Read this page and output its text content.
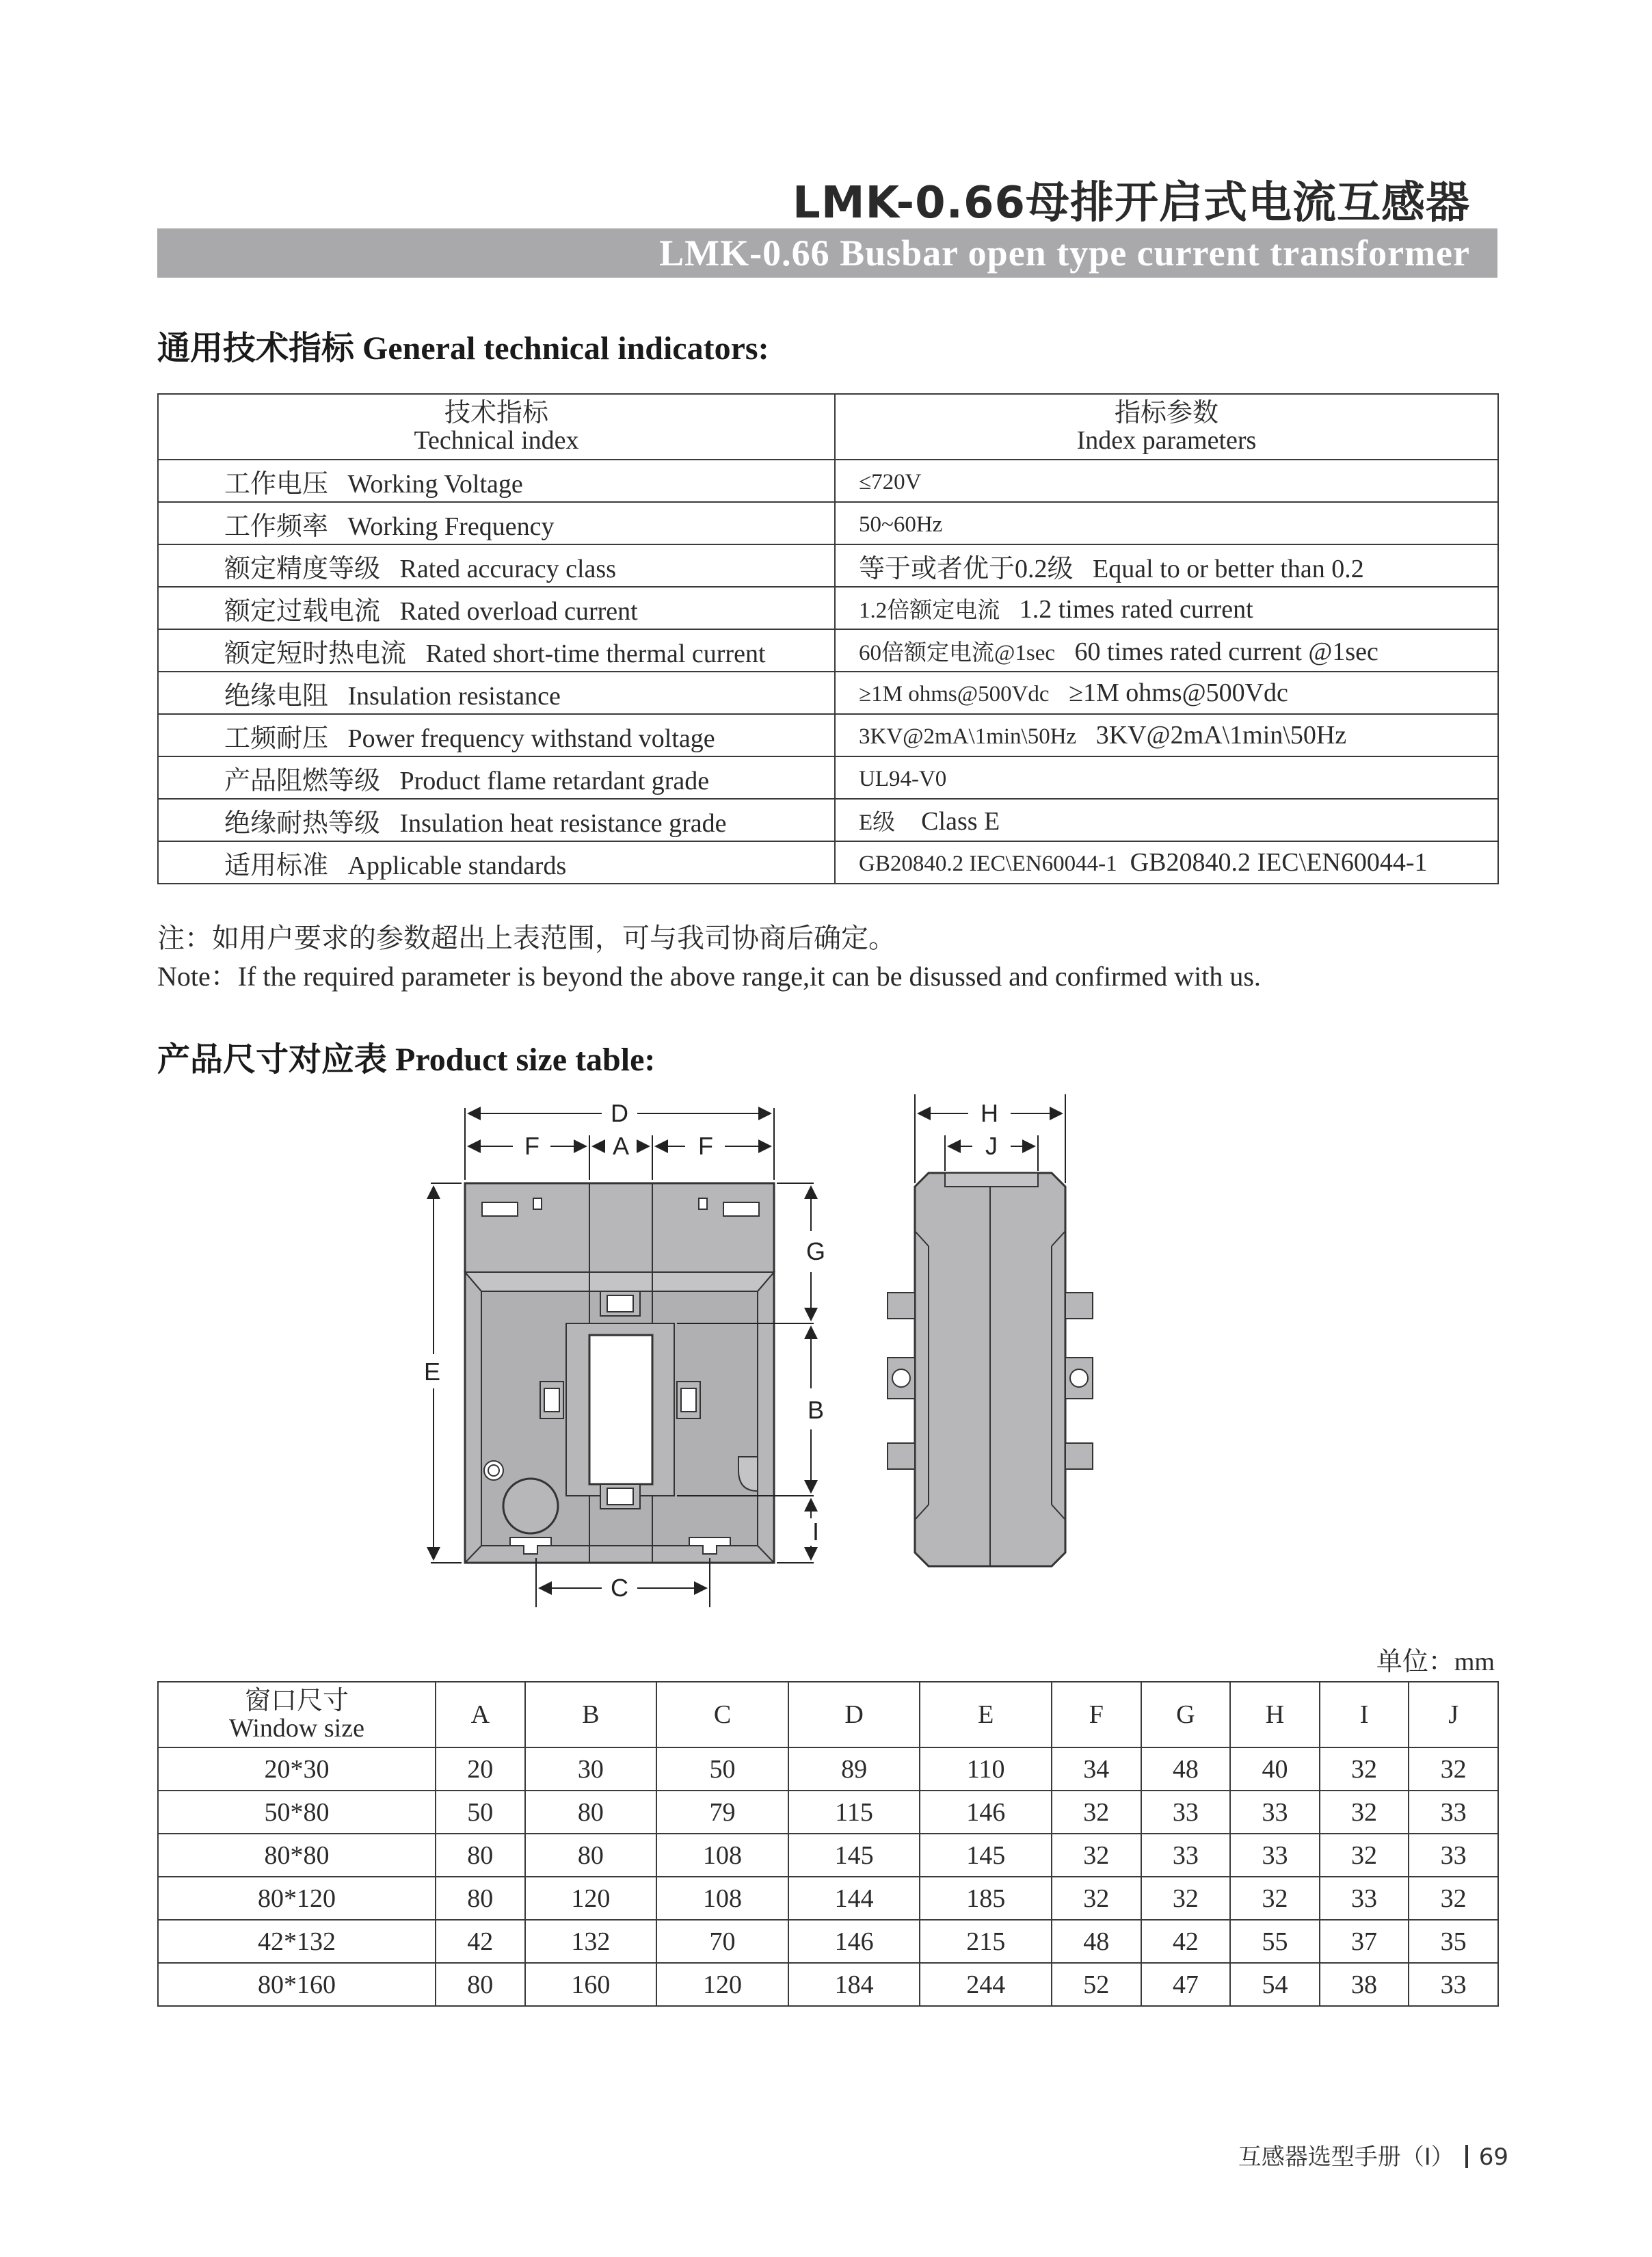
LMK-0.66母排开启式电流互感器
LMK-0.66 Busbar open type current transformer
通用技术指标 General technical indicators:
技术指标
Technical index	指标参数
Index parameters
工作电压 Working Voltage	≤720V
工作频率 Working Frequency	50~60Hz
额定精度等级 Rated accuracy class	等于或者优于0.2级 Equal to or better than 0.2
额定过载电流 Rated overload current	1.2倍额定电流 1.2 times rated current
额定短时热电流 Rated short-time thermal current	60倍额定电流@1sec 60 times rated current @1sec
绝缘电阻 Insulation resistance	≥1M ohms@500Vdc ≥1M ohms@500Vdc
工频耐压 Power frequency withstand voltage	3KV@2mA\1min\50Hz 3KV@2mA\1min\50Hz
产品阻燃等级 Product flame retardant grade	UL94-V0
绝缘耐热等级 Insulation heat resistance grade	E级 Class E
适用标准 Applicable standards	GB20840.2 IEC\EN60044-1 GB20840.2 IEC\EN60044-1
注：如用户要求的参数超出上表范围，可与我司协商后确定。
Note：If the required parameter is beyond the above range,it can be disussed and confirmed with us.
产品尺寸对应表 Product size table:
D
F	A	F
E
G
B
I
C
H
J
单位：mm
窗口尺寸
Window size	A	B	C	D	E	F	G	H	I	J
20*30	20	30	50	89	110	34	48	40	32	32
50*80	50	80	79	115	146	32	33	33	32	33
80*80	80	80	108	145	145	32	33	33	32	33
80*120	80	120	108	144	185	32	32	32	33	32
42*132	42	132	70	146	215	48	42	55	37	35
80*160	80	160	120	184	244	52	47	54	38	33
互感器选型手册（Ⅰ） 69
